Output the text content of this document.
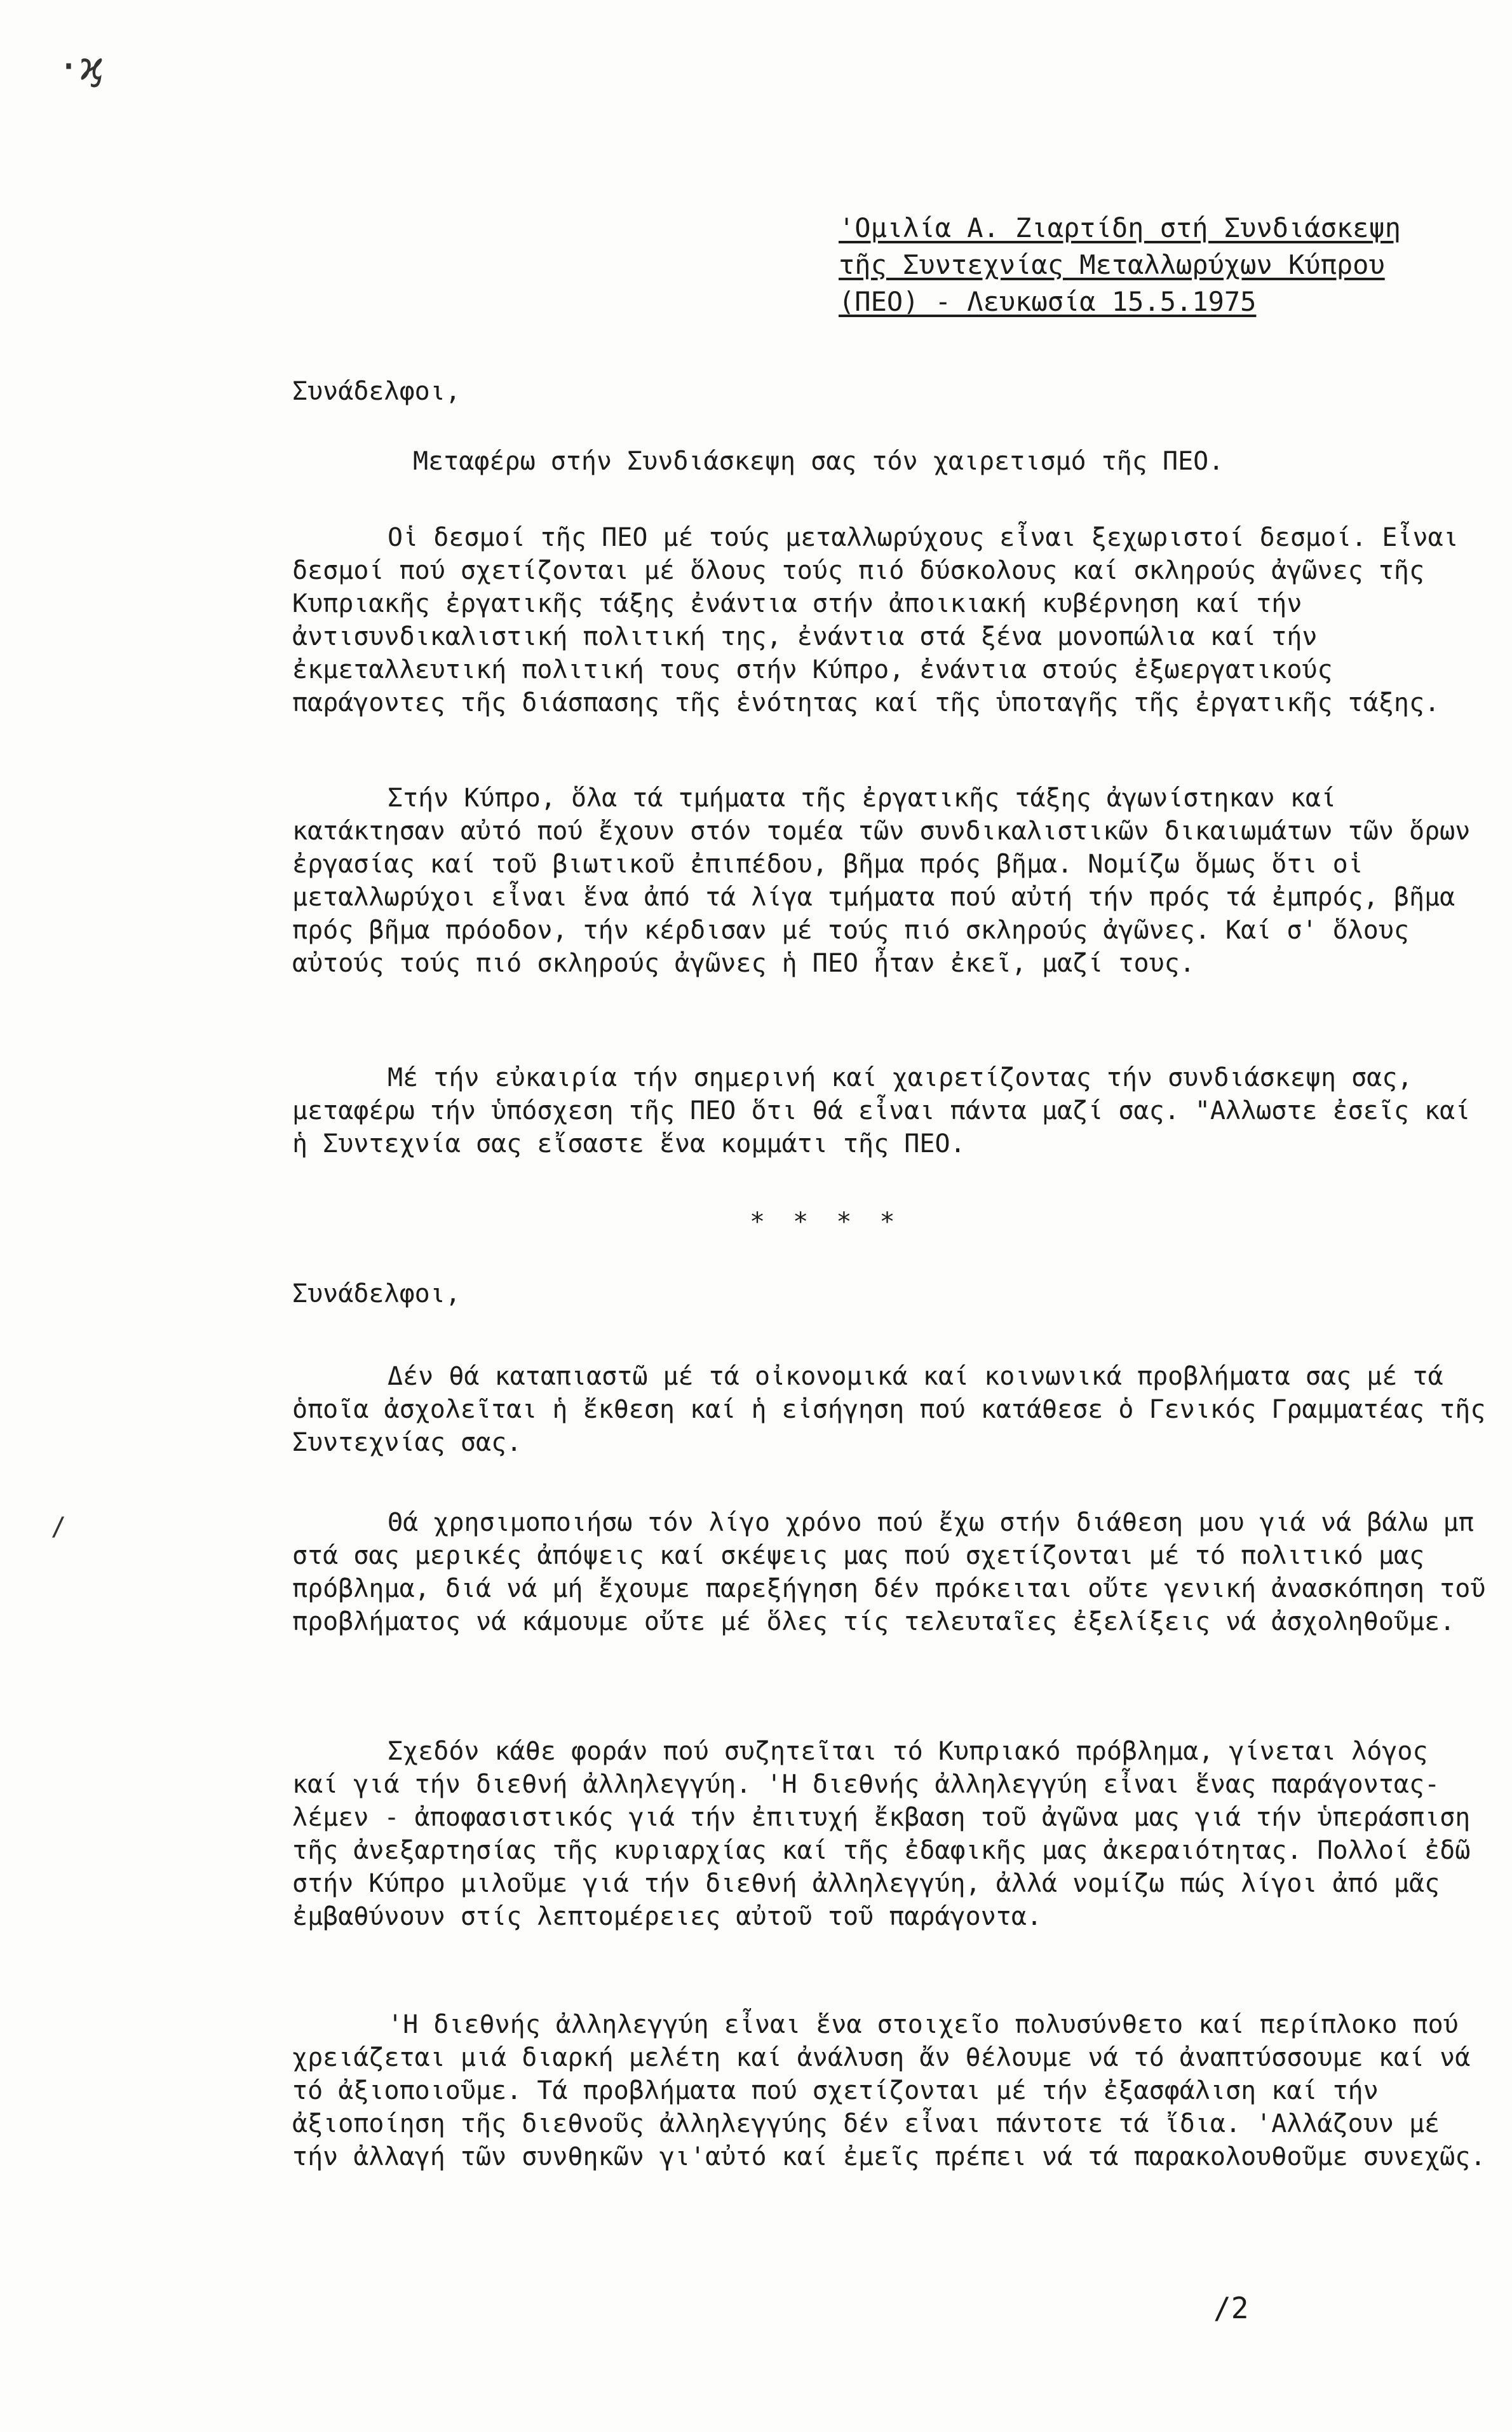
·ϗ
'Ομιλία Α. Ζιαρτίδη στή Συνδιάσκεψη
τῆς Συντεχνίας Μεταλλωρύχων Κύπρου
(ΠΕΟ) - Λευκωσία 15.5.1975
Συνάδελφοι,
Μεταφέρω στήν Συνδιάσκεψη σας τόν χαιρετισμό τῆς ΠΕΟ.
Οἱ δεσμοί τῆς ΠΕΟ μέ τούς μεταλλωρύχους εἶναι ξεχωριστοί δεσμοί. Εἶναι δεσμοί πού σχετίζονται μέ ὅλους τούς πιό δύσκολους καί σκληρούς ἀγῶνες τῆς Κυπριακῆς ἐργατικῆς τάξης ἐνάντια στήν ἀποικιακή κυβέρνηση καί τήν ἀντισυνδικαλιστική πολιτική της, ἐνάντια στά ξένα μονοπώλια καί τήν ἐκμεταλλευτική πολιτική τους στήν Κύπρο, ἐνάντια στούς ἐξωεργατικούς παράγοντες τῆς διάσπασης τῆς ἑνότητας καί τῆς ὑποταγῆς τῆς ἐργατικῆς τάξης.
Στήν Κύπρο, ὅλα τά τμήματα τῆς ἐργατικῆς τάξης ἀγωνίστηκαν καί κατάκτησαν αὐτό πού ἔχουν στόν τομέα τῶν συνδικαλιστικῶν δικαιωμάτων τῶν ὅρων ἐργασίας καί τοῦ βιωτικοῦ ἐπιπέδου, βῆμα πρός βῆμα. Νομίζω ὅμως ὅτι οἱ μεταλλωρύχοι εἶναι ἕνα ἀπό τά λίγα τμήματα πού αὐτή τήν πρός τά ἐμπρός, βῆμα πρός βῆμα πρόοδον, τήν κέρδισαν μέ τούς πιό σκληρούς ἀγῶνες. Καί σ' ὅλους αὐτούς τούς πιό σκληρούς ἀγῶνες ἡ ΠΕΟ ἦταν ἐκεῖ, μαζί τους.
Μέ τήν εὐκαιρία τήν σημερινή καί χαιρετίζοντας τήν συνδιάσκεψη σας, μεταφέρω τήν ὑπόσχεση τῆς ΠΕΟ ὅτι θά εἶναι πάντα μαζί σας. "Αλλωστε ἐσεῖς καί ἡ Συντεχνία σας εἴσαστε ἕνα κομμάτι τῆς ΠΕΟ.
* * * *
Συνάδελφοι,
Δέν θά καταπιαστῶ μέ τά οἰκονομικά καί κοινωνικά προβλήματα σας μέ τά ὁποῖα ἀσχολεῖται ἡ ἔκθεση καί ἡ εἰσήγηση πού κατάθεσε ὁ Γενικός Γραμματέας τῆς Συντεχνίας σας.
/	Θά χρησιμοποιήσω τόν λίγο χρόνο πού ἔχω στήν διάθεση μου γιά νά βάλω μπ στά σας μερικές ἀπόψεις καί σκέψεις μας πού σχετίζονται μέ τό πολιτικό μας πρόβλημα, διά νά μή ἔχουμε παρεξήγηση δέν πρόκειται οὔτε γενική ἀνασκόπηση τοῦ προβλήματος νά κάμουμε οὔτε μέ ὅλες τίς τελευταῖες ἐξελίξεις νά ἀσχοληθοῦμε.
Σχεδόν κάθε φοράν πού συζητεῖται τό Κυπριακό πρόβλημα, γίνεται λόγος καί γιά τήν διεθνή ἀλληλεγγύη. 'Η διεθνής ἀλληλεγγύη εἶναι ἕνας παράγοντας-λέμεν - ἀποφασιστικός γιά τήν ἐπιτυχή ἔκβαση τοῦ ἀγῶνα μας γιά τήν ὑπεράσπιση τῆς ἀνεξαρτησίας τῆς κυριαρχίας καί τῆς ἐδαφικῆς μας ἀκεραιότητας. Πολλοί ἐδῶ στήν Κύπρο μιλοῦμε γιά τήν διεθνή ἀλληλεγγύη, ἀλλά νομίζω πώς λίγοι ἀπό μᾶς ἐμβαθύνουν στίς λεπτομέρειες αὐτοῦ τοῦ παράγοντα.
'Η διεθνής ἀλληλεγγύη εἶναι ἕνα στοιχεῖο πολυσύνθετο καί περίπλοκο πού χρειάζεται μιά διαρκή μελέτη καί ἀνάλυση ἄν θέλουμε νά τό ἀναπτύσσουμε καί νά τό ἀξιοποιοῦμε. Τά προβλήματα πού σχετίζονται μέ τήν ἐξασφάλιση καί τήν ἀξιοποίηση τῆς διεθνοῦς ἀλληλεγγύης δέν εἶναι πάντοτε τά ἴδια. 'Αλλάζουν μέ τήν ἀλλαγή τῶν συνθηκῶν γι'αὐτό καί ἐμεῖς πρέπει νά τά παρακολουθοῦμε συνεχῶς.
/2
